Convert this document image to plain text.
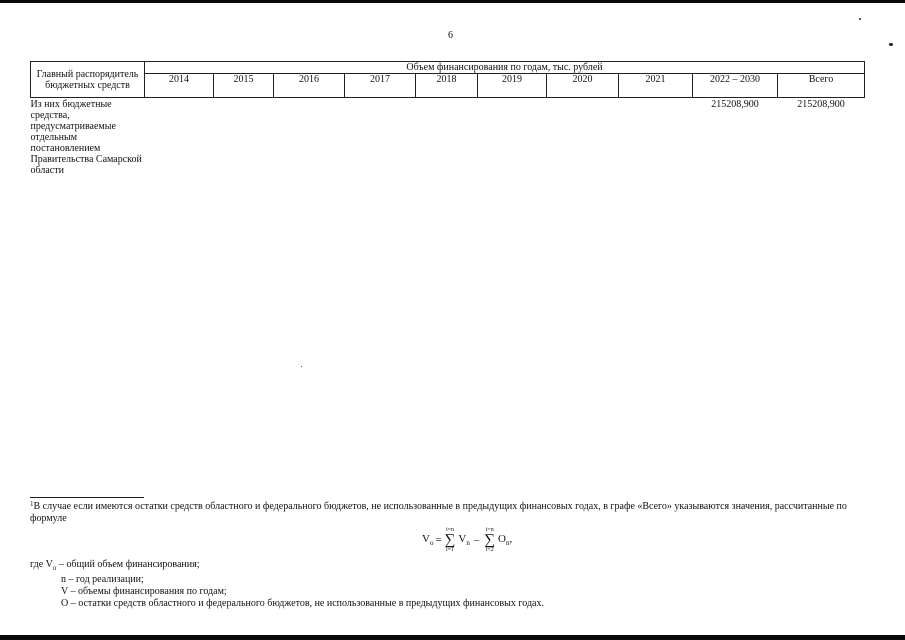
6
Главный распорядитель бюджетных средств	Объем финансирования по годам, тыс. рублей									
	2014	2015	2016	2017	2018	2019	2020	2021	2022 – 2030	Всего
Из них бюджетные средства, предусматриваемые отдельным постановлением Правительства Самарской области									215208,900	215208,900
$^1$В случае если имеются остатки средств областного и федерального бюджетов, не использованные в предыдущих финансовых годах, в графе «Всего» указываются значения, рассчитанные по формуле
$V_o$ =
i=n
∑
i=1
$V_n$ –
i=n
∑
i=2
$O_n$,
где $V_o$ – общий объем финансирования;
n – год реализации;
V – объемы финансирования по годам;
O – остатки средств областного и федерального бюджетов, не использованные в предыдущих финансовых годах.
